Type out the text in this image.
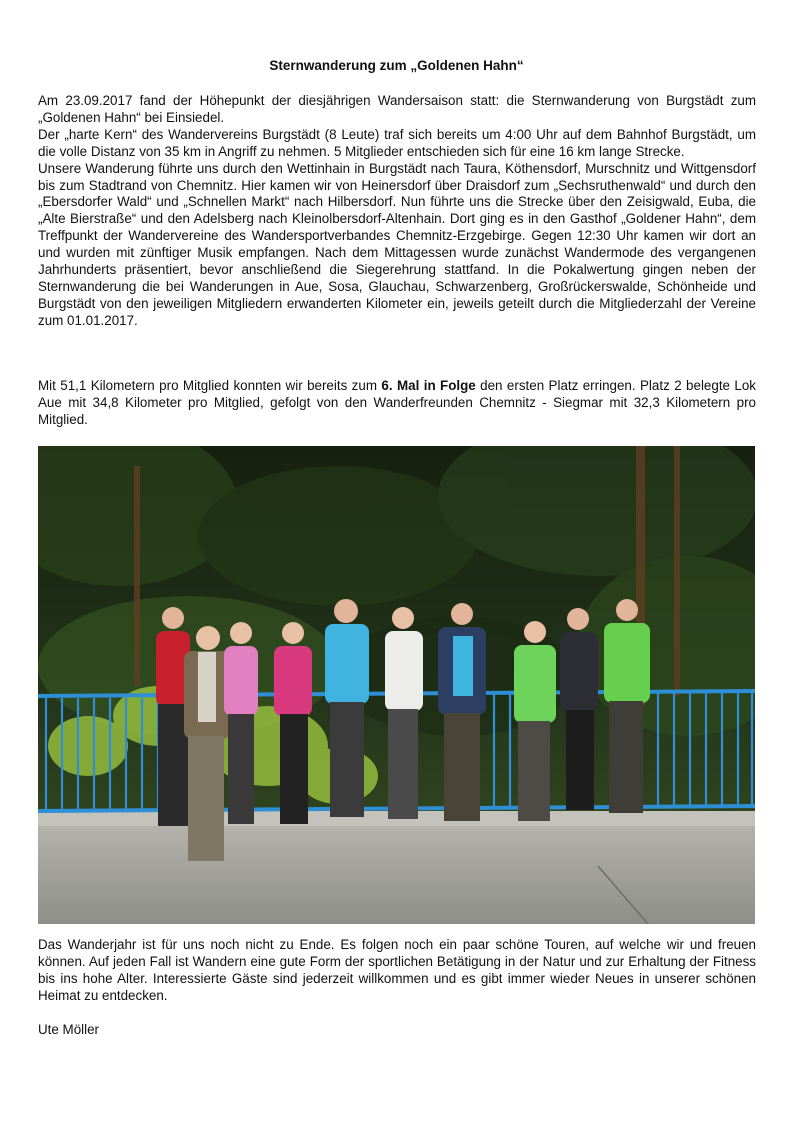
Sternwanderung zum „Goldenen Hahn“
Am 23.09.2017 fand der Höhepunkt der diesjährigen Wandersaison statt: die Sternwanderung von Burgstädt zum „Goldenen Hahn“ bei Einsiedel.
Der „harte Kern“ des Wandervereins Burgstädt (8 Leute) traf sich bereits um 4:00 Uhr auf dem Bahnhof Burgstädt, um die volle Distanz von 35 km in Angriff zu nehmen. 5 Mitglieder entschieden sich für eine 16 km lange Strecke.
Unsere Wanderung führte uns durch den Wettinhain in Burgstädt nach Taura, Köthensdorf, Murschnitz und Wittgensdorf bis zum Stadtrand von Chemnitz. Hier kamen wir von Heinersdorf über Draisdorf zum „Sechsruthenwald“ und durch den „Ebersdorfer Wald“ und „Schnellen Markt“ nach Hilbersdorf. Nun führte uns die Strecke über den Zeisigwald, Euba, die „Alte Bierstraße“ und den Adelsberg nach Kleinolbersdorf-Altenhain. Dort ging es in den Gasthof „Goldener Hahn“, dem Treffpunkt der Wandervereine des Wandersportverbandes Chemnitz-Erzgebirge. Gegen 12:30 Uhr kamen wir dort an und wurden mit zünftiger Musik empfangen. Nach dem Mittagessen wurde zunächst Wandermode des vergangenen Jahrhunderts präsentiert, bevor anschließend die Siegerehrung stattfand. In die Pokalwertung gingen neben der Sternwanderung die bei Wanderungen in Aue, Sosa, Glauchau, Schwarzenberg, Großrückerswalde, Schönheide und Burgstädt von den jeweiligen Mitgliedern erwanderten Kilometer ein, jeweils geteilt durch die Mitgliederzahl der Vereine zum 01.01.2017.
Mit 51,1 Kilometern pro Mitglied konnten wir bereits zum 6. Mal in Folge den ersten Platz erringen. Platz 2 belegte Lok Aue mit 34,8 Kilometer pro Mitglied, gefolgt von den Wanderfreunden Chemnitz - Siegmar mit 32,3 Kilometern pro Mitglied.
Das Wanderjahr ist für uns noch nicht zu Ende. Es folgen noch ein paar schöne Touren, auf welche wir und freuen können. Auf jeden Fall ist Wandern eine gute Form der sportlichen Betätigung in der Natur und zur Erhaltung der Fitness bis ins hohe Alter. Interessierte Gäste sind jederzeit willkommen und es gibt immer wieder Neues in unserer schönen Heimat zu entdecken.
Ute Möller
